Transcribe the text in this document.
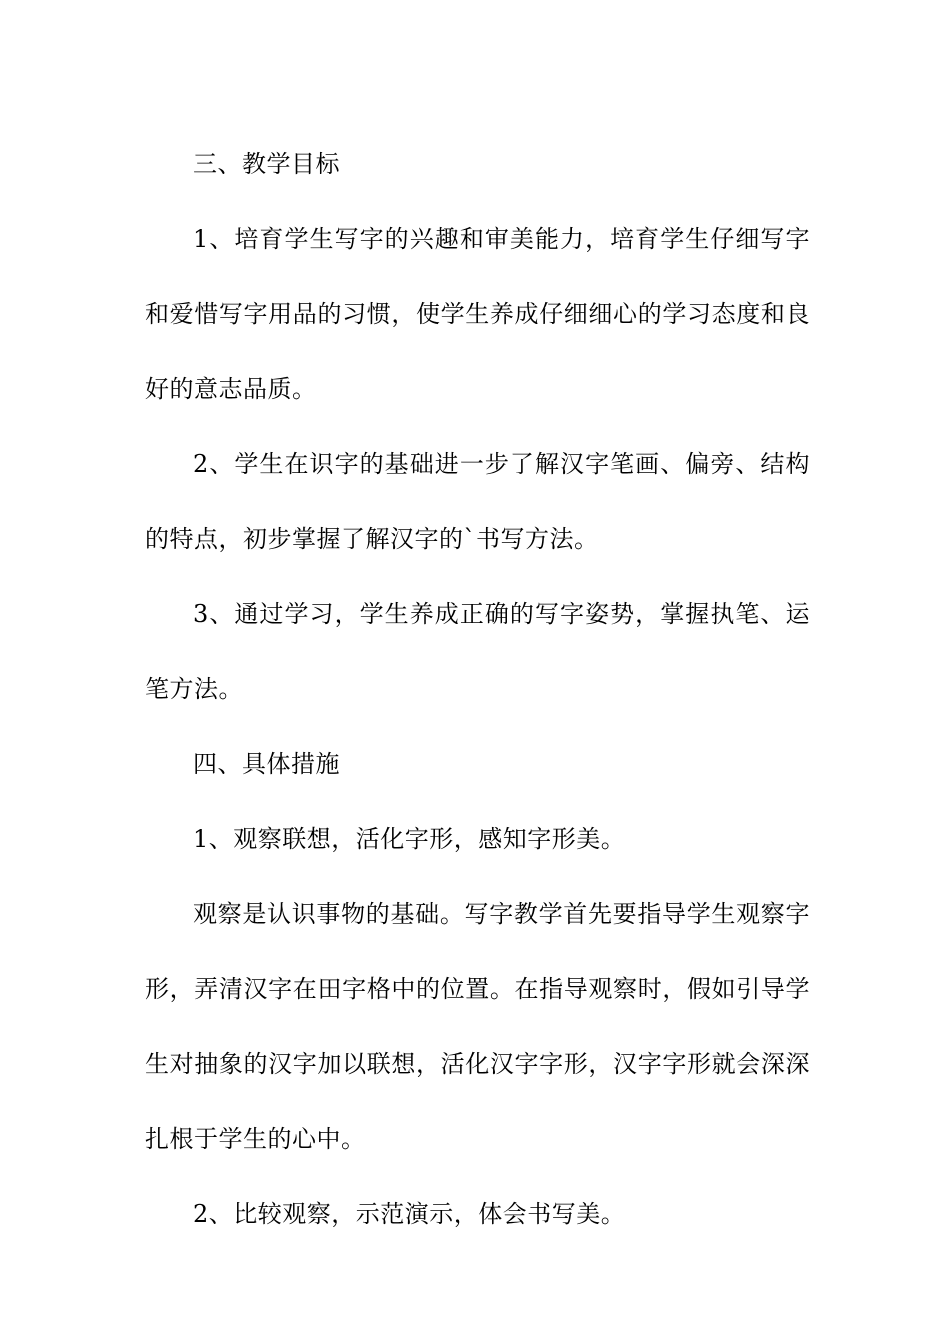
三、教学目标

1、培育学生写字的兴趣和审美能力，培育学生仔细写字和爱惜写字用品的习惯，使学生养成仔细细心的学习态度和良好的意志品质。

2、学生在识字的基础进一步了解汉字笔画、偏旁、结构的特点，初步掌握了解汉字的`书写方法。

3、通过学习，学生养成正确的写字姿势，掌握执笔、运笔方法。

四、具体措施

1、观察联想，活化字形，感知字形美。

观察是认识事物的基础。写字教学首先要指导学生观察字形，弄清汉字在田字格中的位置。在指导观察时，假如引导学生对抽象的汉字加以联想，活化汉字字形，汉字字形就会深深扎根于学生的心中。

2、比较观察，示范演示，体会书写美。
